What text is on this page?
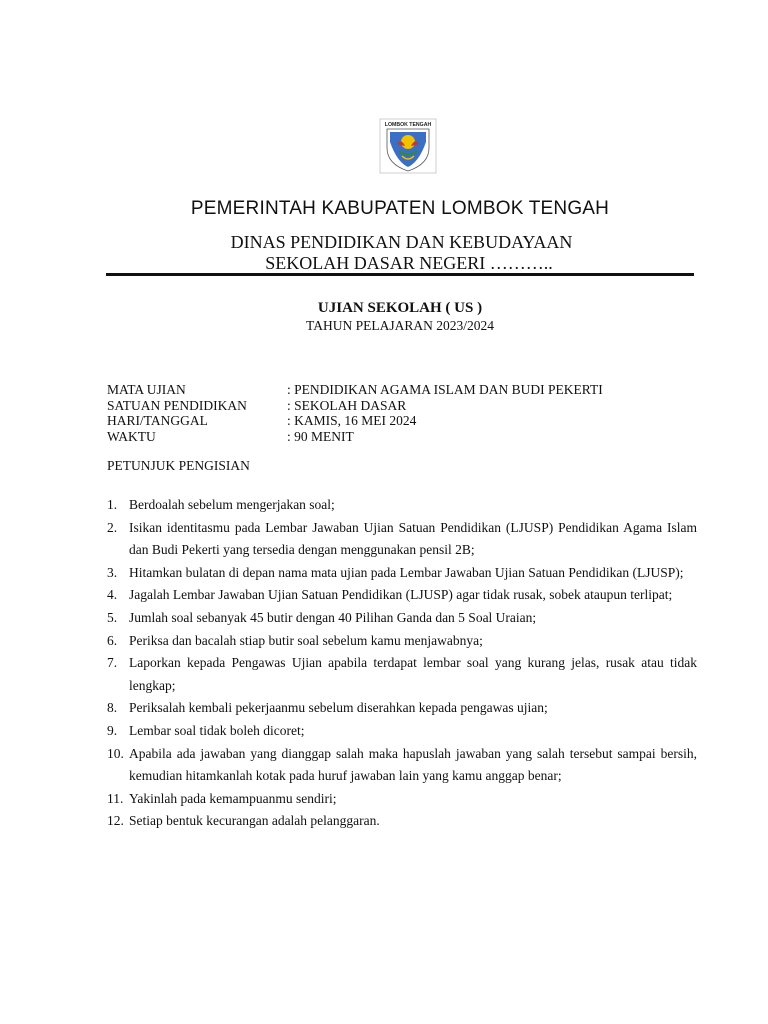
LOMBOK TENGAH
PEMERINTAH KABUPATEN LOMBOK TENGAH
DINAS PENDIDIKAN DAN KEBUDAYAAN
SEKOLAH DASAR NEGERI ………..
UJIAN SEKOLAH ( US )
TAHUN PELAJARAN 2023/2024
MATA UJIAN	: PENDIDIKAN AGAMA ISLAM DAN BUDI PEKERTI
SATUAN PENDIDIKAN	: SEKOLAH DASAR
HARI/TANGGAL	: KAMIS, 16 MEI 2024
WAKTU	: 90 MENIT
PETUNJUK PENGISIAN
1. Berdoalah sebelum mengerjakan soal;
2. Isikan identitasmu pada Lembar Jawaban Ujian Satuan Pendidikan (LJUSP) Pendidikan Agama Islam dan Budi Pekerti yang tersedia dengan menggunakan pensil 2B;
3. Hitamkan bulatan di depan nama mata ujian pada Lembar Jawaban Ujian Satuan Pendidikan (LJUSP);
4. Jagalah Lembar Jawaban Ujian Satuan Pendidikan (LJUSP) agar tidak rusak, sobek ataupun terlipat;
5. Jumlah soal sebanyak 45 butir dengan 40 Pilihan Ganda dan 5 Soal Uraian;
6. Periksa dan bacalah stiap butir soal sebelum kamu menjawabnya;
7. Laporkan kepada Pengawas Ujian apabila terdapat lembar soal yang kurang jelas, rusak atau tidak lengkap;
8. Periksalah kembali pekerjaanmu sebelum diserahkan kepada pengawas ujian;
9. Lembar soal tidak boleh dicoret;
10. Apabila ada jawaban yang dianggap salah maka hapuslah jawaban yang salah tersebut sampai bersih, kemudian hitamkanlah kotak pada huruf jawaban lain yang kamu anggap benar;
11. Yakinlah pada kemampuanmu sendiri;
12. Setiap bentuk kecurangan adalah pelanggaran.
